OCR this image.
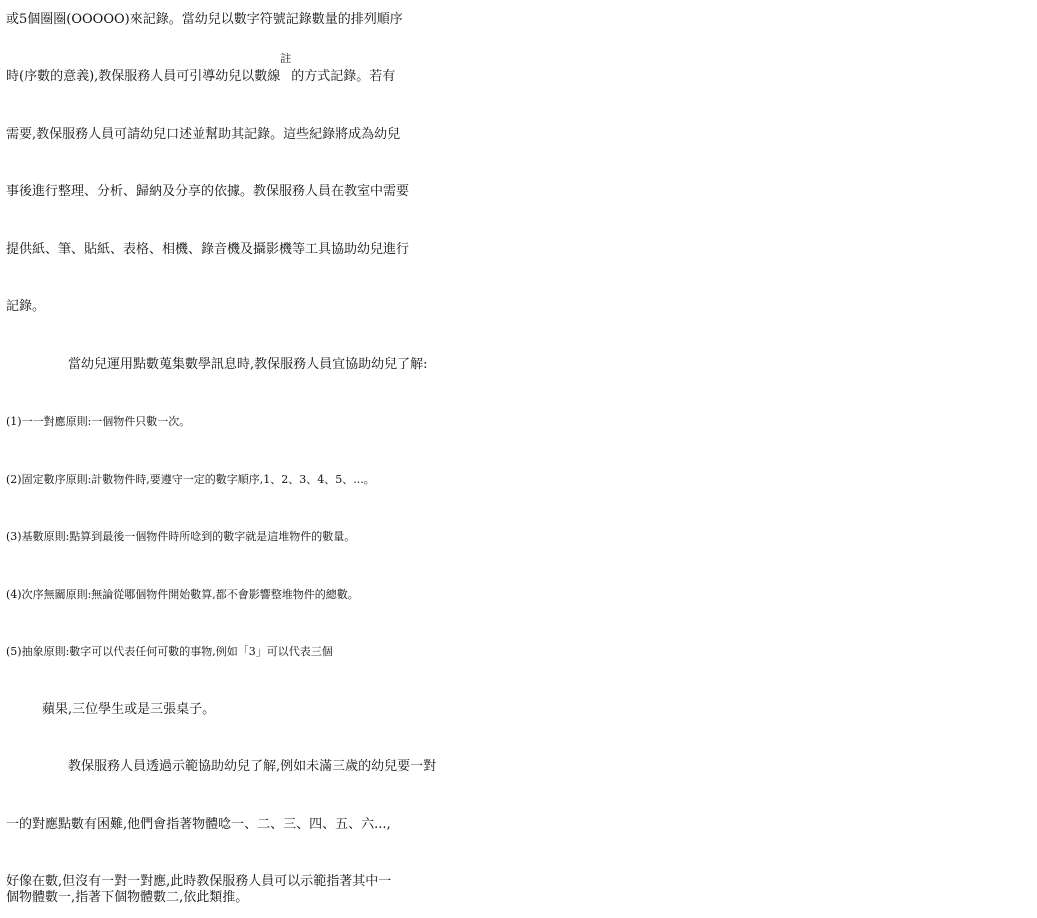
或5個圈圈(OOOOO)來記錄。當幼兒以數字符號記錄數量的排列順序
時(序數的意義),教保服務人員可引導幼兒以數線$^註$的方式記錄。若有
需要,教保服務人員可請幼兒口述並幫助其記錄。這些紀錄將成為幼兒
事後進行整理、分析、歸納及分享的依據。教保服務人員在教室中需要
提供紙、筆、貼紙、表格、相機、錄音機及攝影機等工具協助幼兒進行
記錄。
當幼兒運用點數蒐集數學訊息時,教保服務人員宜協助幼兒了解:
(1)一一對應原則:一個物件只數一次。
(2)固定數序原則:計數物件時,要遵守一定的數字順序,1、2、3、4、5、...。
(3)基數原則:點算到最後一個物件時所唸到的數字就是這堆物件的數量。
(4)次序無關原則:無論從哪個物件開始數算,都不會影響整堆物件的總數。
(5)抽象原則:數字可以代表任何可數的事物,例如「3」可以代表三個
蘋果,三位學生或是三張桌子。
教保服務人員透過示範協助幼兒了解,例如未滿三歲的幼兒要一對
一的對應點數有困難,他們會指著物體唸一、二、三、四、五、六...,
好像在數,但沒有一對一對應,此時教保服務人員可以示範指著其中一
個物體數一,指著下個物體數二,依此類推。
